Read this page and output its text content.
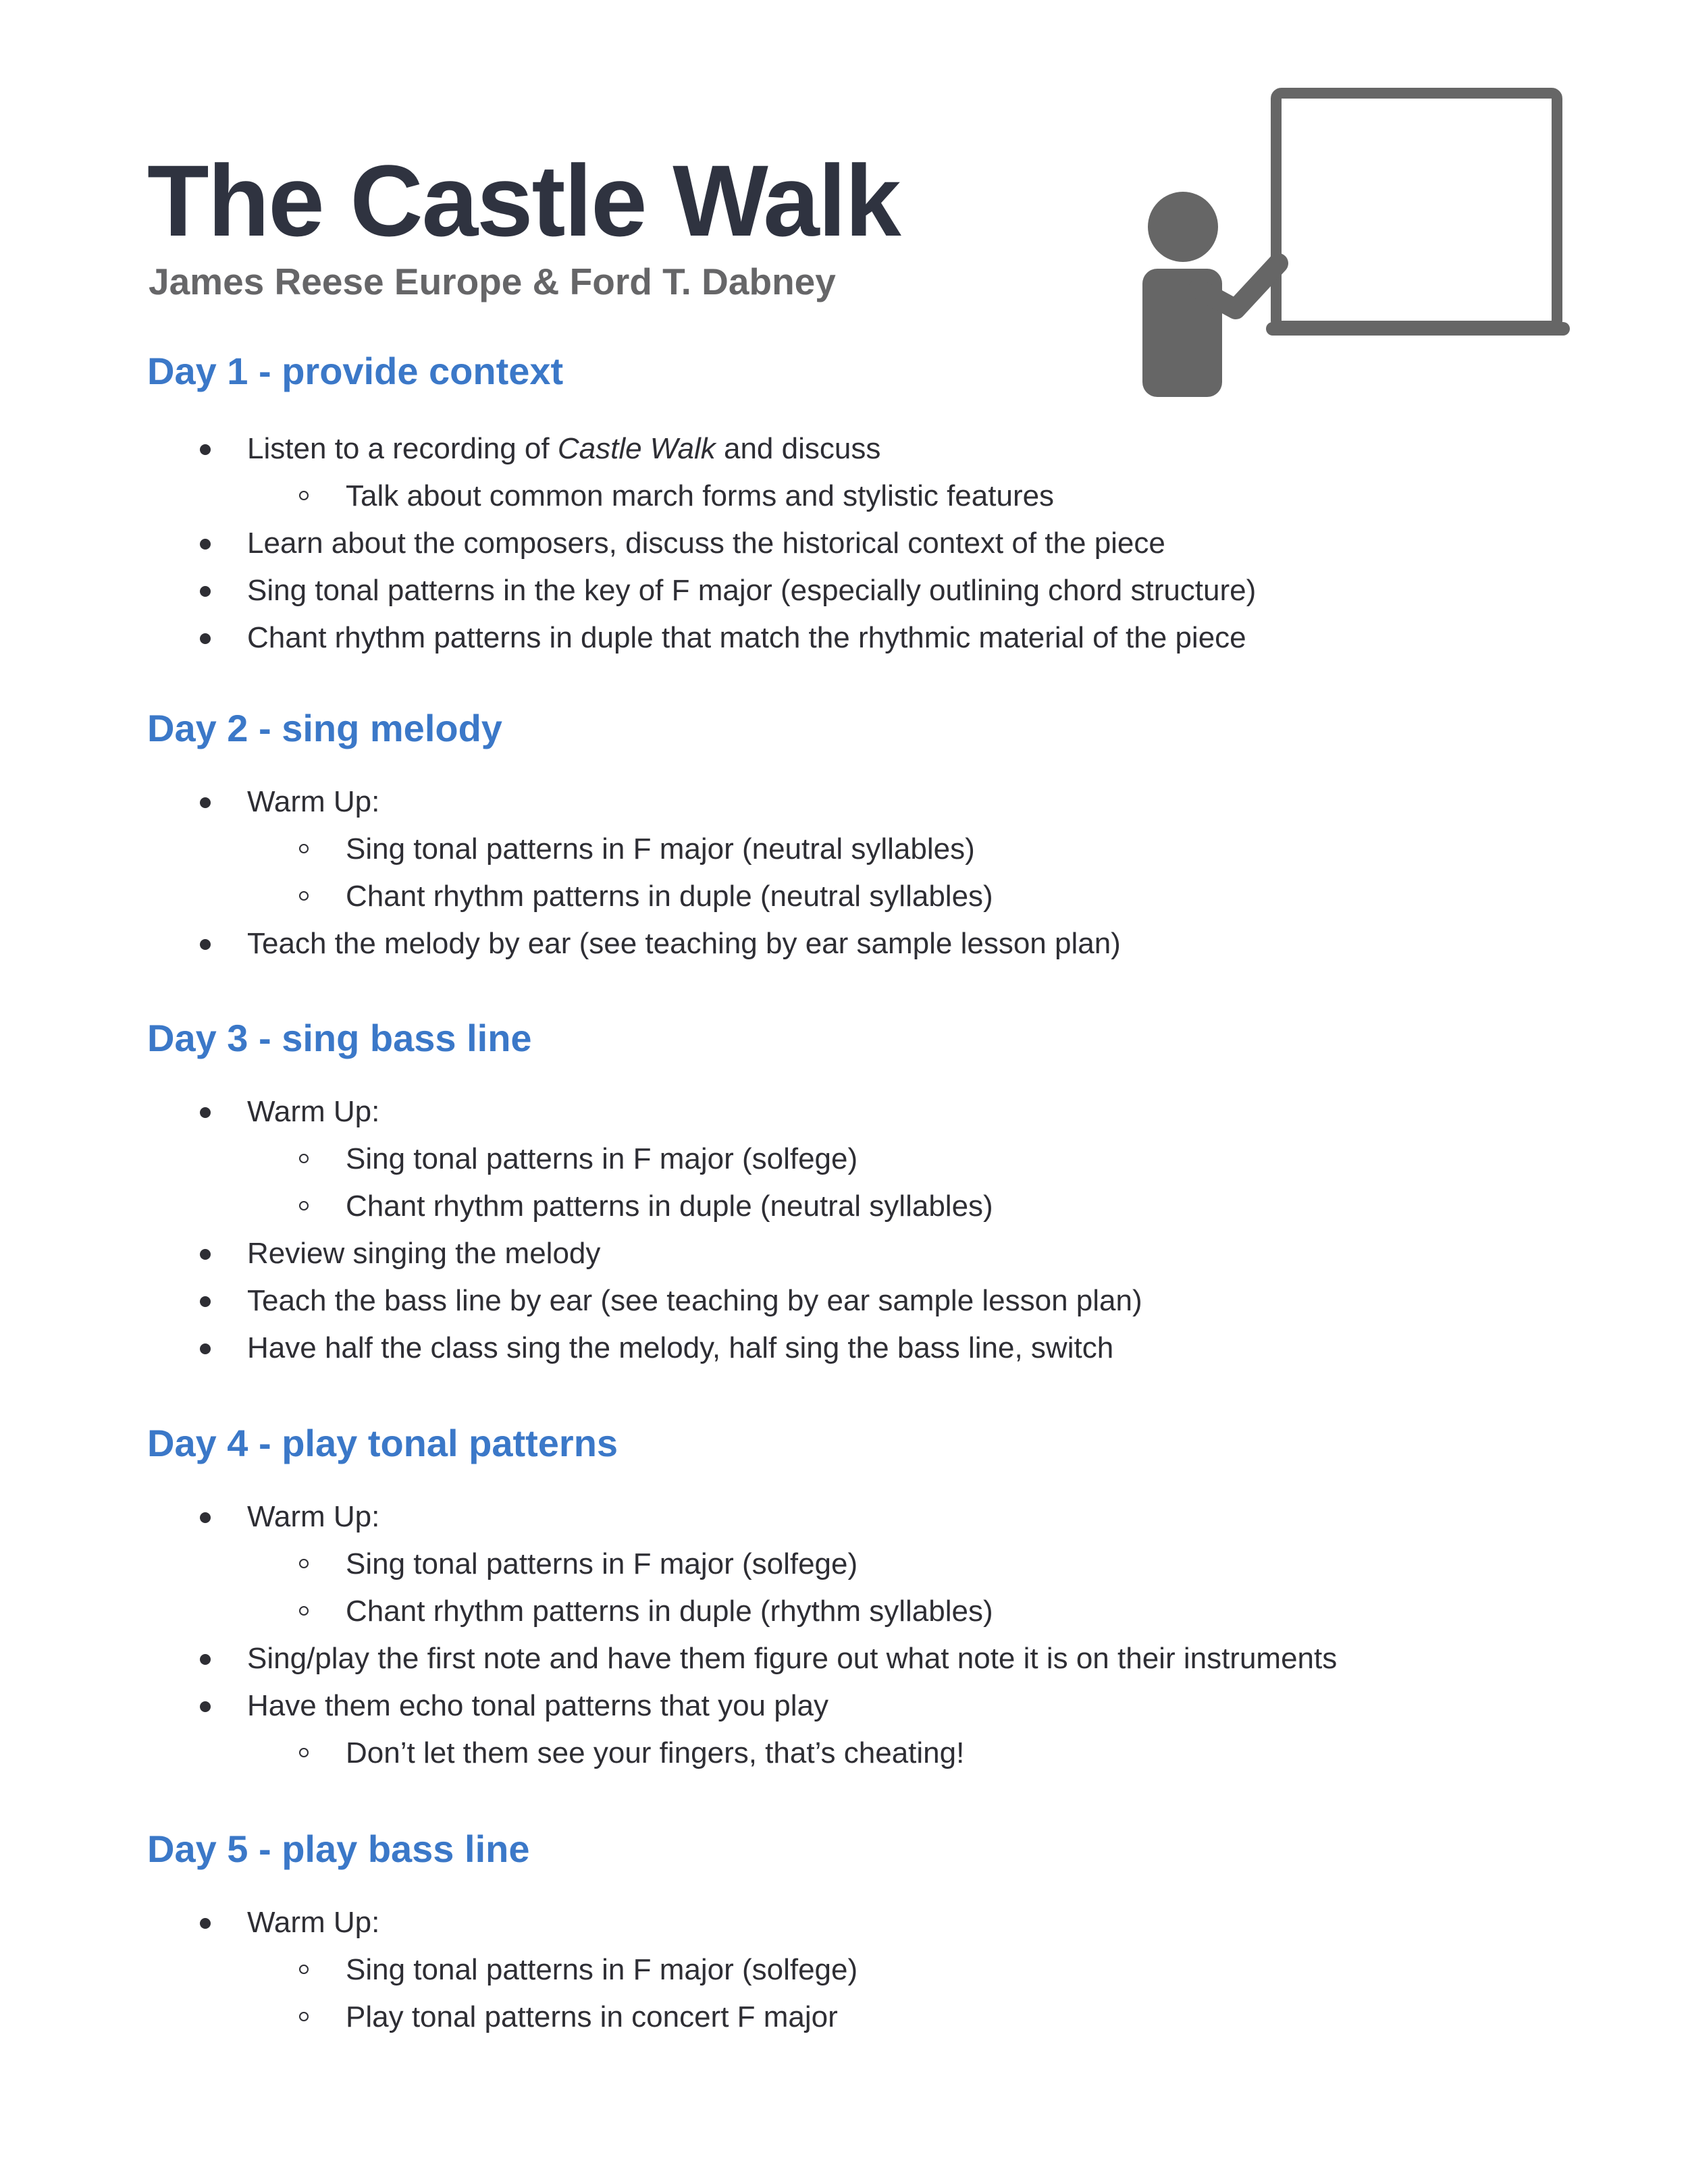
The Castle Walk
James Reese Europe & Ford T. Dabney
Day 1 - provide context
Listen to a recording of Castle Walk and discuss
Talk about common march forms and stylistic features
Learn about the composers, discuss the historical context of the piece
Sing tonal patterns in the key of F major (especially outlining chord structure)
Chant rhythm patterns in duple that match the rhythmic material of the piece
Day 2 - sing melody
Warm Up:
Sing tonal patterns in F major (neutral syllables)
Chant rhythm patterns in duple (neutral syllables)
Teach the melody by ear (see teaching by ear sample lesson plan)
Day 3 - sing bass line
Warm Up:
Sing tonal patterns in F major (solfege)
Chant rhythm patterns in duple (neutral syllables)
Review singing the melody
Teach the bass line by ear (see teaching by ear sample lesson plan)
Have half the class sing the melody, half sing the bass line, switch
Day 4 - play tonal patterns
Warm Up:
Sing tonal patterns in F major (solfege)
Chant rhythm patterns in duple (rhythm syllables)
Sing/play the first note and have them figure out what note it is on their instruments
Have them echo tonal patterns that you play
Don’t let them see your fingers, that’s cheating!
Day 5 - play bass line
Warm Up:
Sing tonal patterns in F major (solfege)
Play tonal patterns in concert F major
